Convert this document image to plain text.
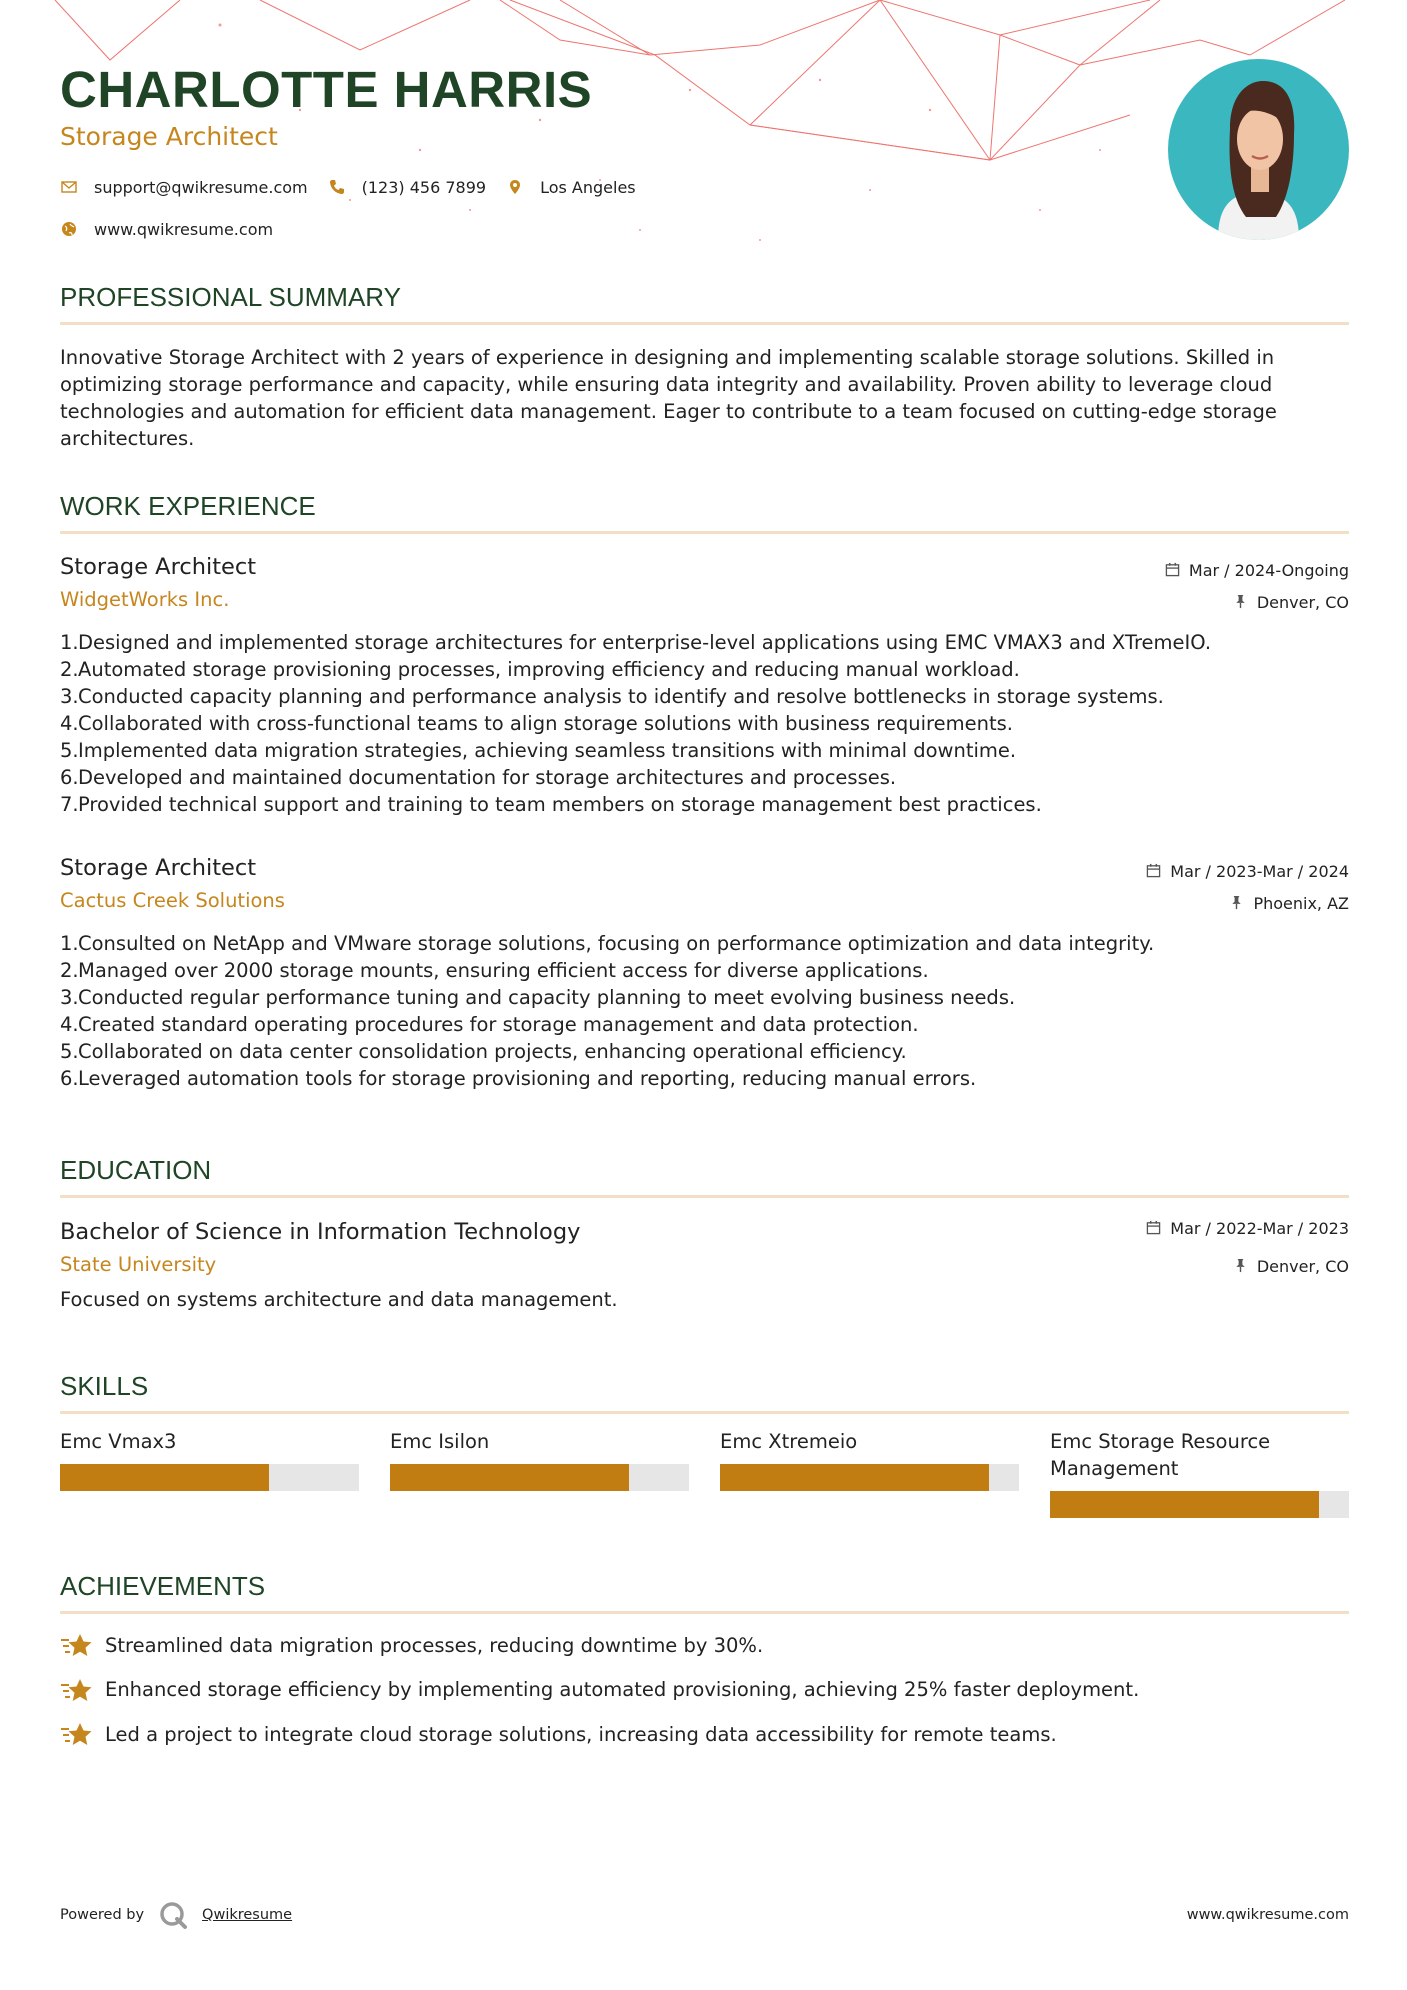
CHARLOTTE HARRIS
Storage Architect
support@qwikresume.com	(123) 456 7899	Los Angeles
www.qwikresume.com
PROFESSIONAL SUMMARY
Innovative Storage Architect with 2 years of experience in designing and implementing scalable storage solutions. Skilled in optimizing storage performance and capacity, while ensuring data integrity and availability. Proven ability to leverage cloud technologies and automation for efficient data management. Eager to contribute to a team focused on cutting-edge storage architectures.
WORK EXPERIENCE
Storage Architect
WidgetWorks Inc.
Mar / 2024-Ongoing
Denver, CO
Designed and implemented storage architectures for enterprise-level applications using EMC VMAX3 and XTremeIO.
Automated storage provisioning processes, improving efficiency and reducing manual workload.
Conducted capacity planning and performance analysis to identify and resolve bottlenecks in storage systems.
Collaborated with cross-functional teams to align storage solutions with business requirements.
Implemented data migration strategies, achieving seamless transitions with minimal downtime.
Developed and maintained documentation for storage architectures and processes.
Provided technical support and training to team members on storage management best practices.
Storage Architect
Cactus Creek Solutions
Mar / 2023-Mar / 2024
Phoenix, AZ
Consulted on NetApp and VMware storage solutions, focusing on performance optimization and data integrity.
Managed over 2000 storage mounts, ensuring efficient access for diverse applications.
Conducted regular performance tuning and capacity planning to meet evolving business needs.
Created standard operating procedures for storage management and data protection.
Collaborated on data center consolidation projects, enhancing operational efficiency.
Leveraged automation tools for storage provisioning and reporting, reducing manual errors.
EDUCATION
Bachelor of Science in Information Technology
State University
Focused on systems architecture and data management.
Mar / 2022-Mar / 2023
Denver, CO
SKILLS
Emc Vmax3	Emc Isilon	Emc Xtremeio	Emc Storage Resource Management
ACHIEVEMENTS
Streamlined data migration processes, reducing downtime by 30%.
Enhanced storage efficiency by implementing automated provisioning, achieving 25% faster deployment.
Led a project to integrate cloud storage solutions, increasing data accessibility for remote teams.
Powered by	Qwikresume	www.qwikresume.com
